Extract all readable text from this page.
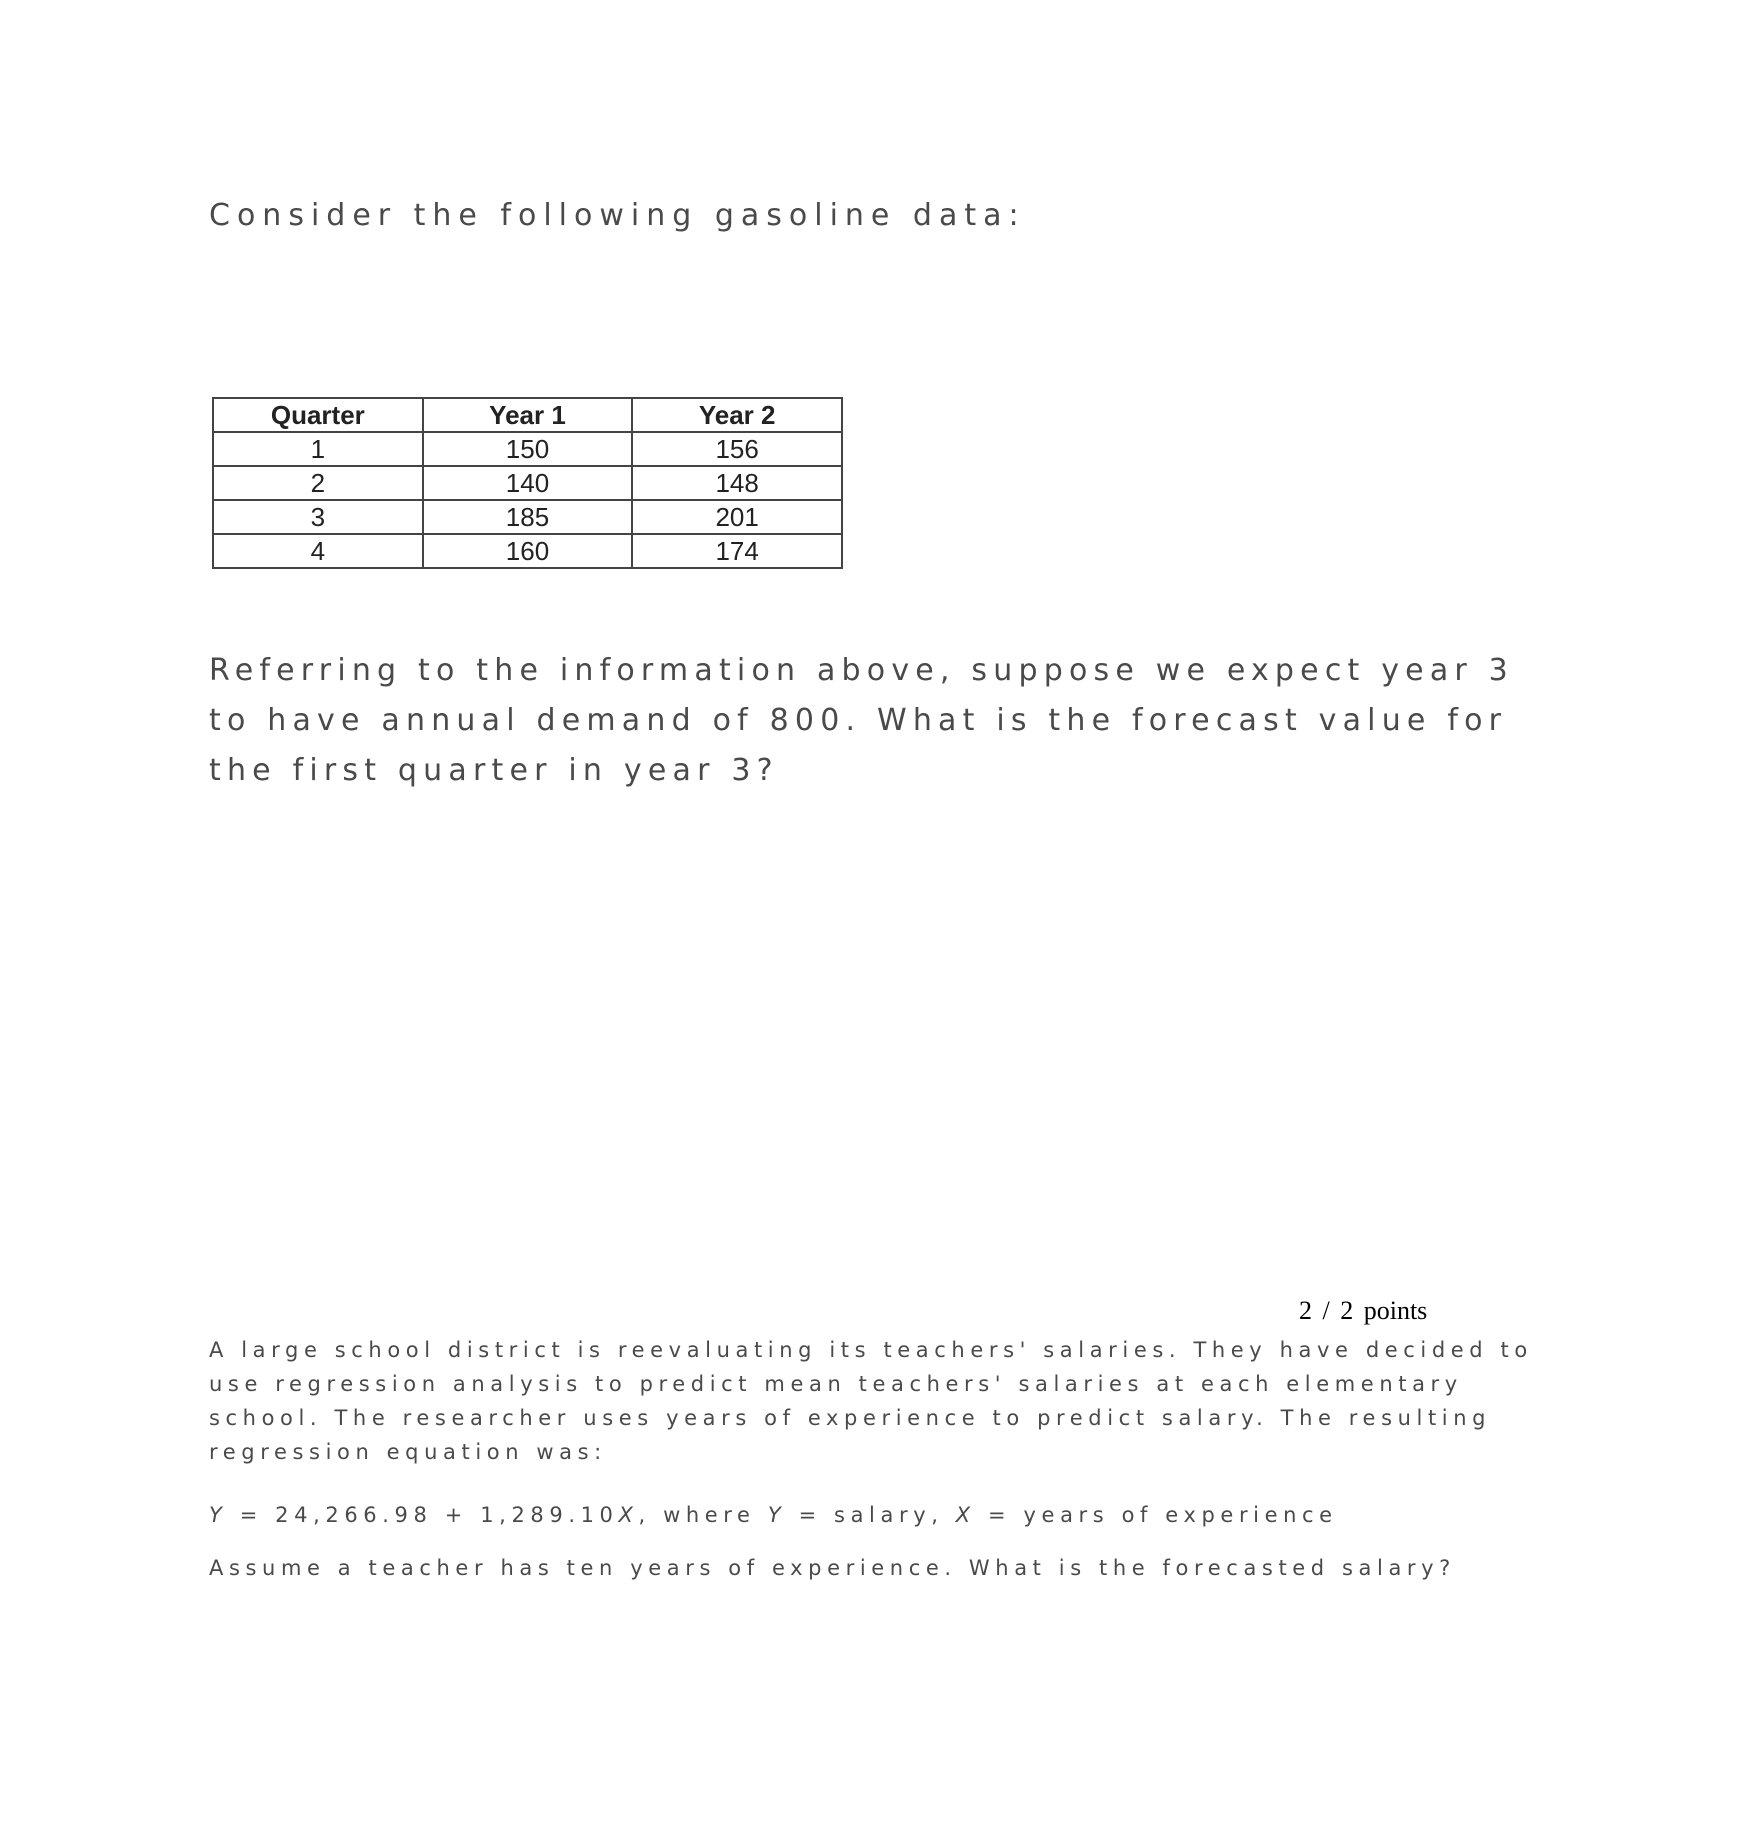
Consider the following gasoline data:
Quarter	Year 1	Year 2
1	150	156
2	140	148
3	185	201
4	160	174
Referring to the information above, suppose we expect year 3 to have annual demand of 800. What is the forecast value for the first quarter in year 3?
2 / 2 points
A large school district is reevaluating its teachers' salaries. They have decided to use regression analysis to predict mean teachers' salaries at each elementary school. The researcher uses years of experience to predict salary. The resulting regression equation was:
Y = 24,266.98 + 1,289.10X, where Y = salary, X = years of experience
Assume a teacher has ten years of experience. What is the forecasted salary?
